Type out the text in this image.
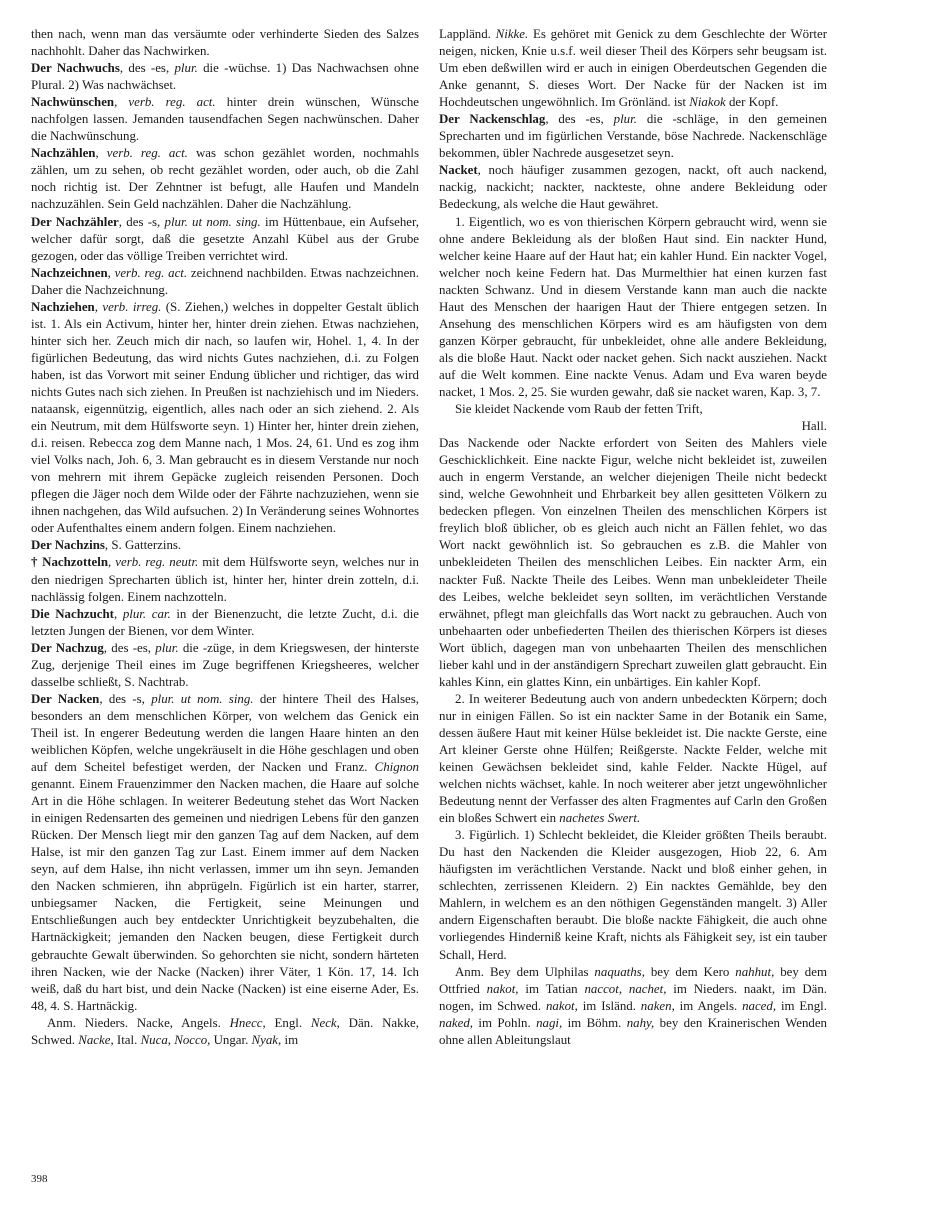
then nach, wenn man das versäumte oder verhinderte Sieden des Salzes nachhohlt. Daher das Nachwirken.

Der Nachwuchs, des -es, plur. die -wüchse. 1) Das Nachwachsen ohne Plural. 2) Was nachwächset.

Nachwünschen, verb. reg. act. hinter drein wünschen, Wünsche nachfolgen lassen. Jemanden tausendfachen Segen nachwünschen. Daher die Nachwünschung.

Nachzählen, verb. reg. act. was schon gezählet worden, nochmahls zählen, um zu sehen, ob recht gezählet worden, oder auch, ob die Zahl noch richtig ist. Der Zehntner ist befugt, alle Haufen und Mandeln nachzuzählen. Sein Geld nachzählen. Daher die Nachzählung.

Der Nachzähler, des -s, plur. ut nom. sing. im Hüttenbaue, ein Aufseher, welcher dafür sorgt, daß die gesetzte Anzahl Kübel aus der Grube gezogen, oder das völlige Treiben verrichtet wird.

Nachzeichnen, verb. reg. act. zeichnend nachbilden. Etwas nachzeichnen. Daher die Nachzeichnung.

Nachziehen, verb. irreg. (S. Ziehen,) welches in doppelter Gestalt üblich ist. 1. Als ein Activum, hinter her, hinter drein ziehen. Etwas nachziehen, hinter sich her. Zeuch mich dir nach, so laufen wir, Hohel. 1, 4. In der figürlichen Bedeutung, das wird nichts Gutes nachziehen, d.i. zu Folgen haben, ist das Vorwort mit seiner Endung üblicher und richtiger, das wird nichts Gutes nach sich ziehen. In Preußen ist nachziehisch und im Nieders. nataansk, eigennützig, eigentlich, alles nach oder an sich ziehend. 2. Als ein Neutrum, mit dem Hülfsworte seyn. 1) Hinter her, hinter drein ziehen, d.i. reisen. Rebecca zog dem Manne nach, 1 Mos. 24, 61. Und es zog ihm viel Volks nach, Joh. 6, 3. Man gebraucht es in diesem Verstande nur noch von mehrern mit ihrem Gepäcke zugleich reisenden Personen. Doch pflegen die Jäger noch dem Wilde oder der Fährte nachzuziehen, wenn sie ihnen nachgehen, das Wild aufsuchen. 2) In Veränderung seines Wohnortes oder Aufenthaltes einem andern folgen. Einem nachziehen.

Der Nachzins, S. Gatterzins.

† Nachzotteln, verb. reg. neutr. mit dem Hülfsworte seyn, welches nur in den niedrigen Sprecharten üblich ist, hinter her, hinter drein zotteln, d.i. nachlässig folgen. Einem nachzotteln.

Die Nachzucht, plur. car. in der Bienenzucht, die letzte Zucht, d.i. die letzten Jungen der Bienen, vor dem Winter.

Der Nachzug, des -es, plur. die -züge, in dem Kriegswesen, der hinterste Zug, derjenige Theil eines im Zuge begriffenen Kriegsheeres, welcher dasselbe schließt, S. Nachtrab.

Der Nacken, des -s, plur. ut nom. sing. der hintere Theil des Halses, besonders an dem menschlichen Körper, von welchem das Genick ein Theil ist. In engerer Bedeutung werden die langen Haare hinten an den weiblichen Köpfen, welche ungekräuselt in die Höhe geschlagen und oben auf dem Scheitel befestiget werden, der Nacken und Franz. Chignon genannt. Einem Frauenzimmer den Nacken machen, die Haare auf solche Art in die Höhe schlagen. In weiterer Bedeutung stehet das Wort Nacken in einigen Redensarten des gemeinen und niedrigen Lebens für den ganzen Rücken. Der Mensch liegt mir den ganzen Tag auf dem Nacken, auf dem Halse, ist mir den ganzen Tag zur Last. Einem immer auf dem Nacken seyn, auf dem Halse, ihn nicht verlassen, immer um ihn seyn. Jemanden den Nacken schmieren, ihn abprügeln. Figürlich ist ein harter, starrer, unbiegsamer Nacken, die Fertigkeit, seine Meinungen und Entschließungen auch bey entdeckter Unrichtigkeit beyzubehalten, die Hartnäckigkeit; jemanden den Nacken beugen, diese Fertigkeit durch gebrauchte Gewalt überwinden. So gehorchten sie nicht, sondern härteten ihren Nacken, wie der Nacke (Nacken) ihrer Väter, 1 Kön. 17, 14. Ich weiß, daß du hart bist, und dein Nacke (Nacken) ist eine eiserne Ader, Es. 48, 4. S. Hartnäckig.

Anm. Nieders. Nacke, Angels. Hnecc, Engl. Neck, Dän. Nakke, Schwed. Nacke, Ital. Nuca, Nocco, Ungar. Nyak, im

Lappländ. Nikke. Es gehöret mit Genick zu dem Geschlechte der Wörter neigen, nicken, Knie u.s.f. weil dieser Theil des Körpers sehr beugsam ist. Um eben deßwillen wird er auch in einigen Oberdeutschen Gegenden die Anke genannt, S. dieses Wort. Der Nacke für der Nacken ist im Hochdeutschen ungewöhnlich. Im Grönländ. ist Niakok der Kopf.

Der Nackenschlag, des -es, plur. die -schläge, in den gemeinen Sprecharten und im figürlichen Verstande, böse Nachrede. Nackenschläge bekommen, übler Nachrede ausgesetzet seyn.

Nacket, noch häufiger zusammen gezogen, nackt, oft auch nackend, nackig, nackicht; nackter, nackteste, ohne andere Bekleidung oder Bedeckung, als welche die Haut gewähret.

1. Eigentlich, wo es von thierischen Körpern gebraucht wird, wenn sie ohne andere Bekleidung als der bloßen Haut sind. Ein nackter Hund, welcher keine Haare auf der Haut hat; ein kahler Hund. Ein nackter Vogel, welcher noch keine Federn hat. Das Murmelthier hat einen kurzen fast nackten Schwanz. Und in diesem Verstande kann man auch die nackte Haut des Menschen der haarigen Haut der Thiere entgegen setzen. In Ansehung des menschlichen Körpers wird es am häufigsten von dem ganzen Körper gebraucht, für unbekleidet, ohne alle andere Bekleidung, als die bloße Haut. Nackt oder nacket gehen. Sich nackt ausziehen. Nackt auf die Welt kommen. Eine nackte Venus. Adam und Eva waren beyde nacket, 1 Mos. 2, 25. Sie wurden gewahr, daß sie nacket waren, Kap. 3, 7.

Sie kleidet Nackende vom Raub der fetten Trift,

Hall.

Das Nackende oder Nackte erfordert von Seiten des Mahlers viele Geschicklichkeit. Eine nackte Figur, welche nicht bekleidet ist, zuweilen auch in engerm Verstande, an welcher diejenigen Theile nicht bedeckt sind, welche Gewohnheit und Ehrbarkeit bey allen gesitteten Völkern zu bedecken pflegen. Von einzelnen Theilen des menschlichen Körpers ist freylich bloß üblicher, ob es gleich auch nicht an Fällen fehlet, wo das Wort nackt gewöhnlich ist. So gebrauchen es z.B. die Mahler von unbekleideten Theilen des menschlichen Leibes. Ein nackter Arm, ein nackter Fuß. Nackte Theile des Leibes. Wenn man unbekleideter Theile des Leibes, welche bekleidet seyn sollten, im verächtlichen Verstande erwähnet, pflegt man gleichfalls das Wort nackt zu gebrauchen. Auch von unbehaarten oder unbefiederten Theilen des thierischen Körpers ist dieses Wort üblich, dagegen man von unbehaarten Theilen des menschlichen lieber kahl und in der anständigern Sprechart zuweilen glatt gebraucht. Ein kahles Kinn, ein glattes Kinn, ein unbärtiges. Ein kahler Kopf.

2. In weiterer Bedeutung auch von andern unbedeckten Körpern; doch nur in einigen Fällen. So ist ein nackter Same in der Botanik ein Same, dessen äußere Haut mit keiner Hülse bekleidet ist. Die nackte Gerste, eine Art kleiner Gerste ohne Hülfen; Reißgerste. Nackte Felder, welche mit keinen Gewächsen bekleidet sind, kahle Felder. Nackte Hügel, auf welchen nichts wächset, kahle. In noch weiterer aber jetzt ungewöhnlicher Bedeutung nennt der Verfasser des alten Fragmentes auf Carln den Großen ein bloßes Schwert ein nachetes Swert.

3. Figürlich. 1) Schlecht bekleidet, die Kleider größten Theils beraubt. Du hast den Nackenden die Kleider ausgezogen, Hiob 22, 6. Am häufigsten im verächtlichen Verstande. Nackt und bloß einher gehen, in schlechten, zerrissenen Kleidern. 2) Ein nacktes Gemählde, bey den Mahlern, in welchem es an den nöthigen Gegenständen mangelt. 3) Aller andern Eigenschaften beraubt. Die bloße nackte Fähigkeit, die auch ohne vorliegendes Hinderniß keine Kraft, nichts als Fähigkeit sey, ist ein tauber Schall, Herd.

Anm. Bey dem Ulphilas naquaths, bey dem Kero nahhut, bey dem Ottfried nakot, im Tatian naccot, nachet, im Nieders. naakt, im Dän. nogen, im Schwed. nakot, im Isländ. naken, im Angels. naced, im Engl. naked, im Pohln. nagi, im Böhm. nahy, bey den Krainerischen Wenden ohne allen Ableitungslaut

398
